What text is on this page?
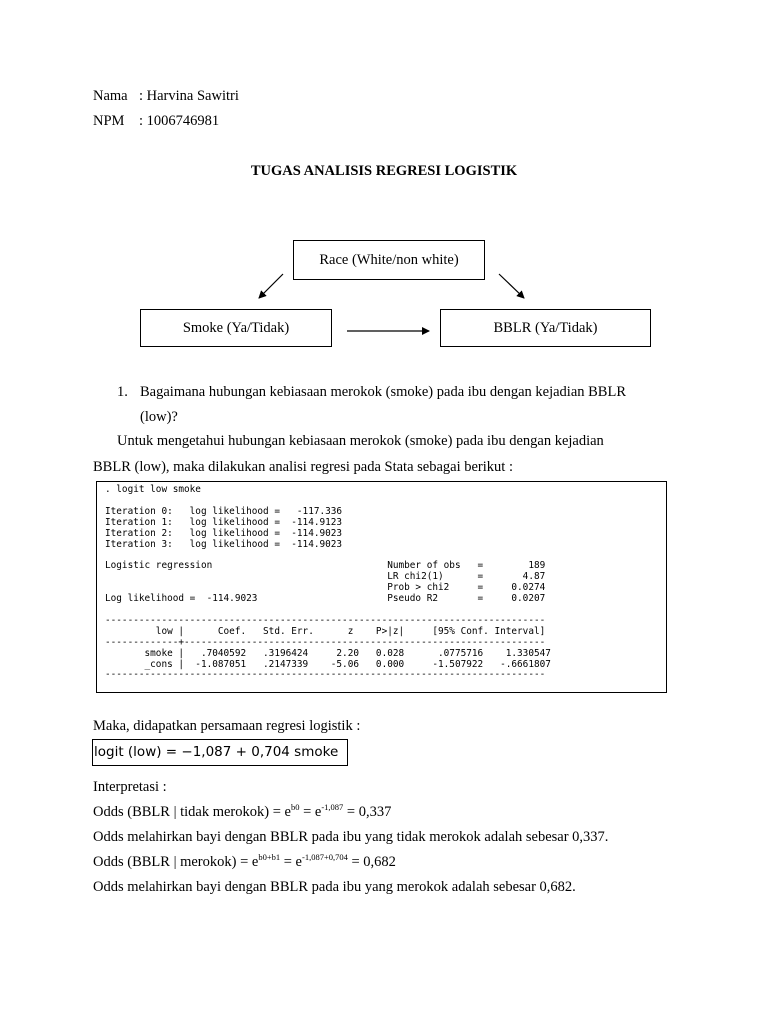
Nama : Harvina Sawitri
NPM : 1006746981
TUGAS ANALISIS REGRESI LOGISTIK
Race (White/non white)
Smoke (Ya/Tidak)	BBLR (Ya/Tidak)
1. Bagaimana hubungan kebiasaan merokok (smoke) pada ibu dengan kejadian BBLR
(low)?
Untuk mengetahui hubungan kebiasaan merokok (smoke) pada ibu dengan kejadian
BBLR (low), maka dilakukan analisi regresi pada Stata sebagai berikut :
. logit low smoke

Iteration 0:   log likelihood =   -117.336
Iteration 1:   log likelihood =  -114.9123
Iteration 2:   log likelihood =  -114.9023
Iteration 3:   log likelihood =  -114.9023

Logistic regression                               Number of obs   =        189
LR chi2(1)      =       4.87
Prob > chi2     =     0.0274
Log likelihood =  -114.9023                       Pseudo R2       =     0.0207

------------------------------------------------------------------------------
low |      Coef.   Std. Err.      z    P>|z|     [95% Conf. Interval]
-------------+----------------------------------------------------------------
smoke |   .7040592   .3196424     2.20   0.028      .0775716    1.330547
_cons |  -1.087051   .2147339    -5.06   0.000     -1.507922   -.6661807
------------------------------------------------------------------------------
Maka, didapatkan persamaan regresi logistik :
logit (low) = −1,087 + 0,704 smoke
Interpretasi :
Odds (BBLR | tidak merokok) = $e^{b0} = e^{-1,087} = 0,337$
Odds melahirkan bayi dengan BBLR pada ibu yang tidak merokok adalah sebesar 0,337.
Odds (BBLR | merokok) = $e^{b0+b1} = e^{-1,087+0,704} = 0,682$
Odds melahirkan bayi dengan BBLR pada ibu yang merokok adalah sebesar 0,682.
